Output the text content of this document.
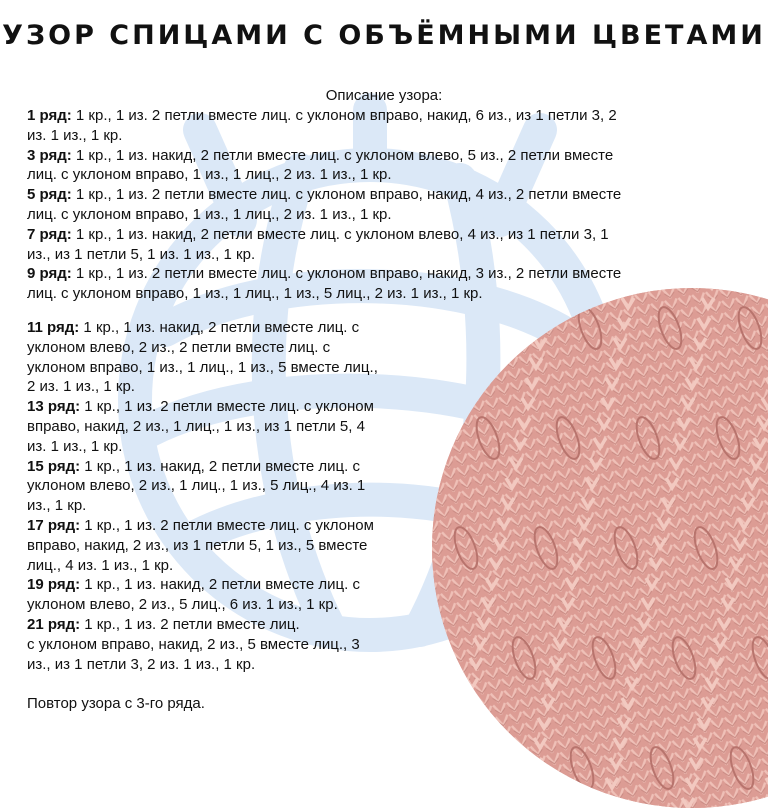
УЗОР СПИЦАМИ С ОБЪЁМНЫМИ ЦВЕТАМИ
Описание узора:

1 ряд: 1 кр., 1 из. 2 петли вместе лиц. с уклоном вправо, накид, 6 из., из 1 петли 3, 2
из. 1 из., 1 кр.

3 ряд: 1 кр., 1 из. накид, 2 петли вместе лиц. с уклоном влево, 5 из., 2 петли вместе
лиц. с уклоном вправо, 1 из., 1 лиц., 2 из. 1 из., 1 кр.

5 ряд: 1 кр., 1 из. 2 петли вместе лиц. с уклоном вправо, накид, 4 из., 2 петли вместе
лиц. с уклоном вправо, 1 из., 1 лиц., 2 из. 1 из., 1 кр.

7 ряд: 1 кр., 1 из. накид, 2 петли вместе лиц. с уклоном влево, 4 из., из 1 петли 3, 1
из., из 1 петли 5, 1 из. 1 из., 1 кр.

9 ряд: 1 кр., 1 из. 2 петли вместе лиц. с уклоном вправо, накид, 3 из., 2 петли вместе
лиц. с уклоном вправо, 1 из., 1 лиц., 1 из., 5 лиц., 2 из. 1 из., 1 кр.

11 ряд: 1 кр., 1 из. накид, 2 петли вместе лиц. с
уклоном влево, 2 из., 2 петли вместе лиц. с
уклоном вправо, 1 из., 1 лиц., 1 из., 5 вместе лиц.,
2 из. 1 из., 1 кр.

13 ряд: 1 кр., 1 из. 2 петли вместе лиц. с уклоном
вправо, накид, 2 из., 1 лиц., 1 из., из 1 петли 5, 4
из. 1 из., 1 кр.

15 ряд: 1 кр., 1 из. накид, 2 петли вместе лиц. с
уклоном влево, 2 из., 1 лиц., 1 из., 5 лиц., 4 из. 1
из., 1 кр.

17 ряд: 1 кр., 1 из. 2 петли вместе лиц. с уклоном
вправо, накид, 2 из., из 1 петли 5, 1 из., 5 вместе
лиц., 4 из. 1 из., 1 кр.

19 ряд: 1 кр., 1 из. накид, 2 петли вместе лиц. с
уклоном влево, 2 из., 5 лиц., 6 из. 1 из., 1 кр.

21 ряд: 1 кр., 1 из. 2 петли вместе лиц.
с уклоном вправо, накид, 2 из., 5 вместе лиц., 3
из., из 1 петли 3, 2 из. 1 из., 1 кр.

Повтор узора с 3-го ряда.
